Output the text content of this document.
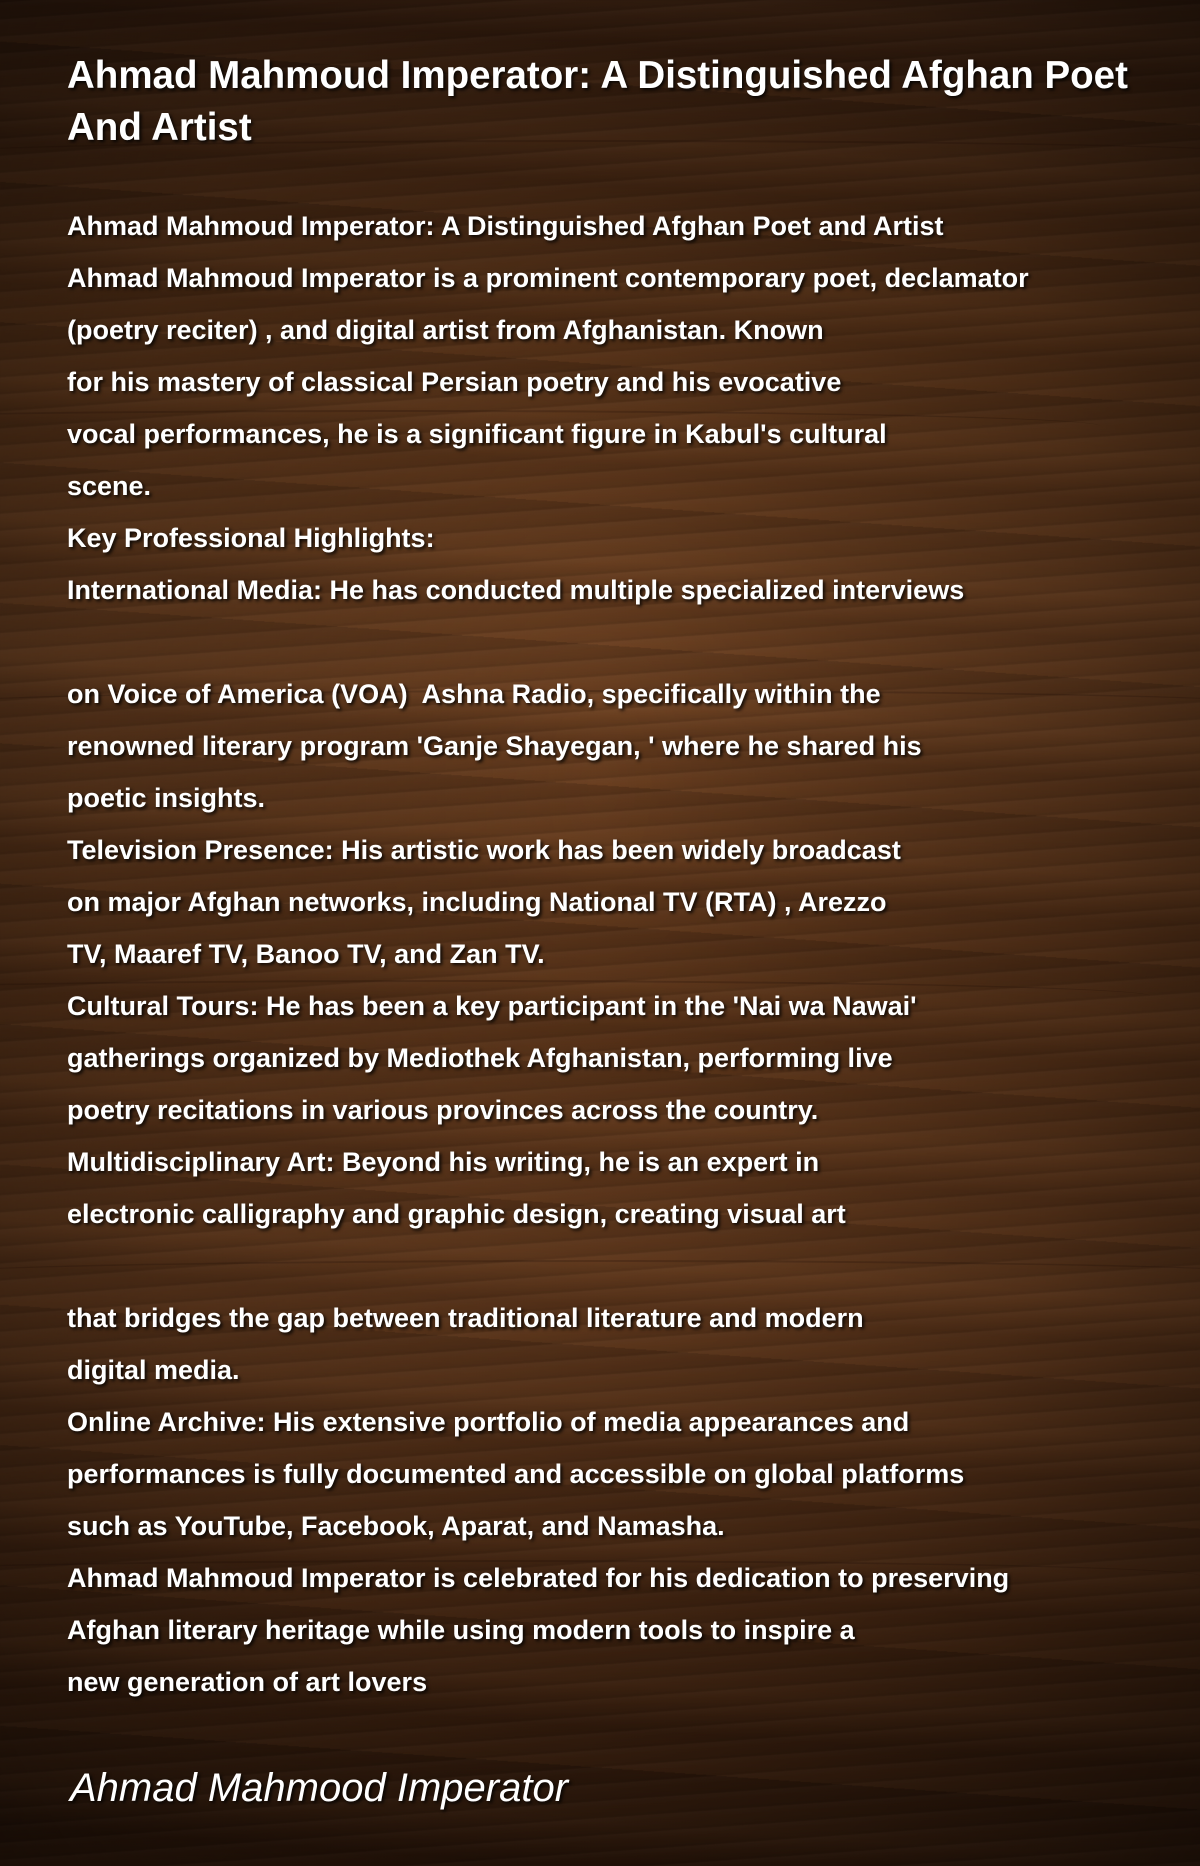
Ahmad Mahmoud Imperator: A Distinguished Afghan Poet And Artist
Ahmad Mahmoud Imperator: A Distinguished Afghan Poet and Artist
Ahmad Mahmoud Imperator is a prominent contemporary poet, declamator
(poetry reciter) , and digital artist from Afghanistan. Known
for his mastery of classical Persian poetry and his evocative
vocal performances, he is a significant figure in Kabul's cultural
scene.
Key Professional Highlights:
International Media: He has conducted multiple specialized interviews
on Voice of America (VOA)  Ashna Radio, specifically within the
renowned literary program 'Ganje Shayegan, ' where he shared his
poetic insights.
Television Presence: His artistic work has been widely broadcast
on major Afghan networks, including National TV (RTA) , Arezzo
TV, Maaref TV, Banoo TV, and Zan TV.
Cultural Tours: He has been a key participant in the 'Nai wa Nawai'
gatherings organized by Mediothek Afghanistan, performing live
poetry recitations in various provinces across the country.
Multidisciplinary Art: Beyond his writing, he is an expert in
electronic calligraphy and graphic design, creating visual art
that bridges the gap between traditional literature and modern
digital media.
Online Archive: His extensive portfolio of media appearances and
performances is fully documented and accessible on global platforms
such as YouTube, Facebook, Aparat, and Namasha.
Ahmad Mahmoud Imperator is celebrated for his dedication to preserving
Afghan literary heritage while using modern tools to inspire a
new generation of art lovers
Ahmad Mahmood Imperator
